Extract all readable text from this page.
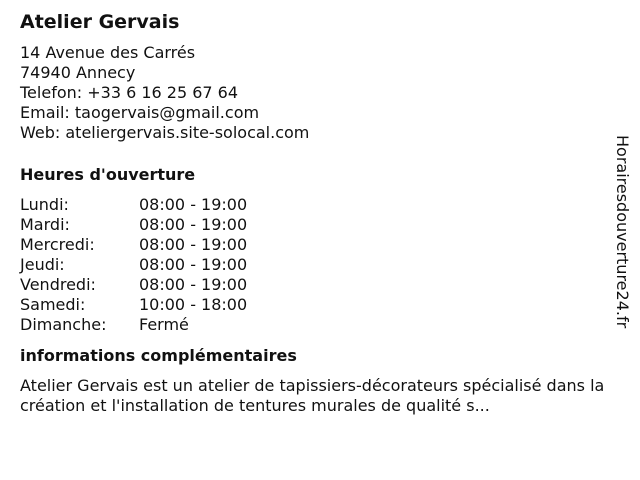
Atelier Gervais
14 Avenue des Carrés
74940 Annecy
Telefon: +33 6 16 25 67 64
Email: taogervais@gmail.com
Web: ateliergervais.site-solocal.com
Heures d'ouverture
Lundi:	08:00 - 19:00
Mardi:	08:00 - 19:00
Mercredi:	08:00 - 19:00
Jeudi:	08:00 - 19:00
Vendredi:	08:00 - 19:00
Samedi:	10:00 - 18:00
Dimanche:	Fermé
informations complémentaires
Atelier Gervais est un atelier de tapissiers-décorateurs spécialisé dans la création et l'installation de tentures murales de qualité s...
Horairesdouverture24.fr
